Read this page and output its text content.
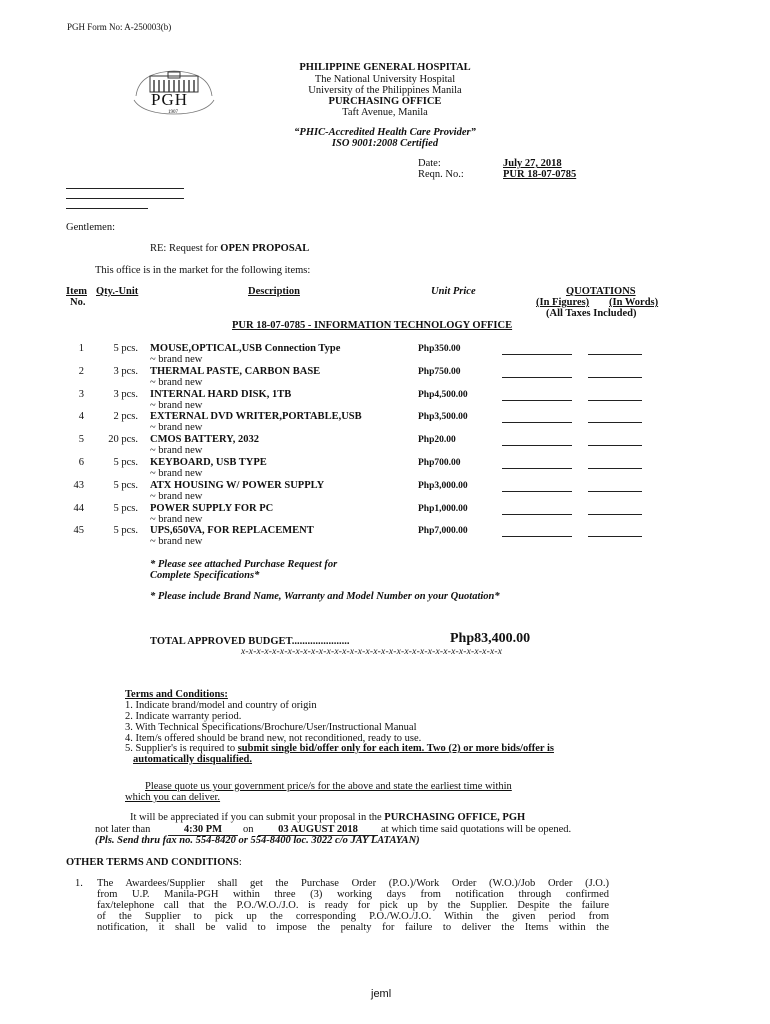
PGH Form No: A-250003(b)
PGH
1907
PHILIPPINE GENERAL HOSPITAL
The National University Hospital
University of the Philippines Manila
PURCHASING OFFICE
Taft Avenue, Manila
“PHIC-Accredited Health Care Provider”
ISO 9001:2008 Certified
Date:	July 27, 2018
Reqn. No.:	PUR 18-07-0785
Gentlemen:
RE: Request for OPEN PROPOSAL
This office is in the market for the following items:
Item
No.
Qty.-Unit	Description	Unit Price	QUOTATIONS
(In Figures) (In Words)
(All Taxes Included)
PUR 18-07-0785 - INFORMATION TECHNOLOGY OFFICE
1	5 pcs. MOUSE,OPTICAL,USB Connection Type
~ brand new
Php350.00
2	3 pcs. THERMAL PASTE, CARBON BASE
~ brand new
Php750.00
3	3 pcs. INTERNAL HARD DISK, 1TB
~ brand new
Php4,500.00
4	2 pcs. EXTERNAL DVD WRITER,PORTABLE,USB
~ brand new
Php3,500.00
5	20 pcs. CMOS BATTERY, 2032
~ brand new
Php20.00
6	5 pcs. KEYBOARD, USB TYPE
~ brand new
Php700.00
43	5 pcs. ATX HOUSING W/ POWER SUPPLY
~ brand new
Php3,000.00
44	5 pcs. POWER SUPPLY FOR PC
~ brand new
Php1,000.00
45	5 pcs. UPS,650VA, FOR REPLACEMENT
~ brand new
Php7,000.00
* Please see attached Purchase Request for
Complete Specifications*
* Please include Brand Name, Warranty and Model Number on your Quotation*
TOTAL APPROVED BUDGET......................	Php83,400.00
x-x-x-x-x-x-x-x-x-x-x-x-x-x-x-x-x-x-x-x-x-x-x-x-x-x-x-x-x-x-x-x-x-x
Terms and Conditions:
1. Indicate brand/model and country of origin
2. Indicate warranty period.
3. With Technical Specifications/Brochure/User/Instructional Manual
4. Item/s offered should be brand new, not reconditioned, ready to use.
5. Supplier's is required to submit single bid/offer only for each item. Two (2) or more bids/offer is
automatically disqualified.
Please quote us your government price/s for the above and state the earliest time within
which you can deliver.
It will be appreciated if you can submit your proposal in the PURCHASING OFFICE, PGH
not later than	4:30 PM	on	03 AUGUST 2018	at which time said quotations will be opened.
(Pls. Send thru fax no. 554-8420 or 554-8400 loc. 3022 c/o JAY LATAYAN)
OTHER TERMS AND CONDITIONS:
1. The Awardees/Supplier shall get the Purchase Order (P.O.)/Work Order (W.O.)/Job Order (J.O.)
from U.P. Manila-PGH within three (3) working days from notification through confirmed
fax/telephone call that the P.O./W.O./J.O. is ready for pick up by the Supplier. Despite the failure
of the Supplier to pick up the corresponding P.O./W.O./J.O. Within the given period from
notification, it shall be valid to impose the penalty for failure to deliver the Items within the
jeml
